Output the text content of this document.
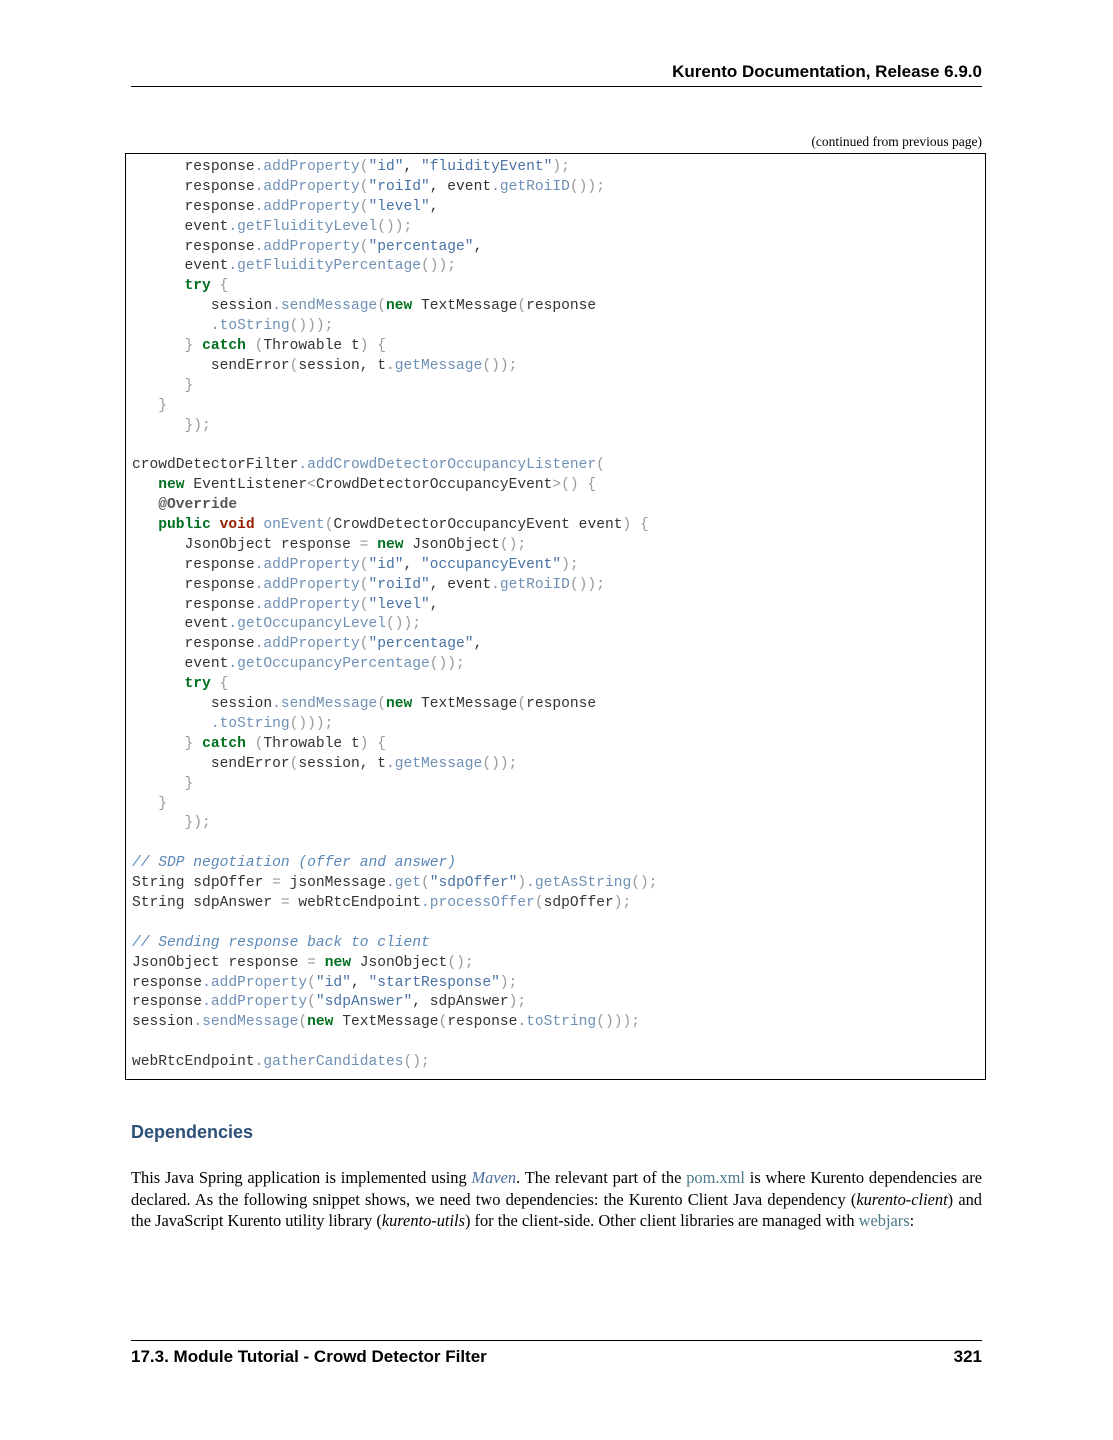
Kurento Documentation, Release 6.9.0
(continued from previous page)
response.addProperty("id", "fluidityEvent");
response.addProperty("roiId", event.getRoiID());
response.addProperty("level",
event.getFluidityLevel());
response.addProperty("percentage",
event.getFluidityPercentage());
try {
session.sendMessage(new TextMessage(response
.toString()));
} catch (Throwable t) {
sendError(session, t.getMessage());
}
}
});

crowdDetectorFilter.addCrowdDetectorOccupancyListener(
new EventListener<CrowdDetectorOccupancyEvent>() {
@Override
public void onEvent(CrowdDetectorOccupancyEvent event) {
JsonObject response = new JsonObject();
response.addProperty("id", "occupancyEvent");
response.addProperty("roiId", event.getRoiID());
response.addProperty("level",
event.getOccupancyLevel());
response.addProperty("percentage",
event.getOccupancyPercentage());
try {
session.sendMessage(new TextMessage(response
.toString()));
} catch (Throwable t) {
sendError(session, t.getMessage());
}
}
});

// SDP negotiation (offer and answer)
String sdpOffer = jsonMessage.get("sdpOffer").getAsString();
String sdpAnswer = webRtcEndpoint.processOffer(sdpOffer);

// Sending response back to client
JsonObject response = new JsonObject();
response.addProperty("id", "startResponse");
response.addProperty("sdpAnswer", sdpAnswer);
session.sendMessage(new TextMessage(response.toString()));

webRtcEndpoint.gatherCandidates();
Dependencies

This Java Spring application is implemented using Maven. The relevant part of the pom.xml is where Kurento dependencies are declared. As the following snippet shows, we need two dependencies: the Kurento Client Java dependency (kurento-client) and the JavaScript Kurento utility library (kurento-utils) for the client-side. Other client libraries are managed with webjars:

17.3. Module Tutorial - Crowd Detector Filter	321
